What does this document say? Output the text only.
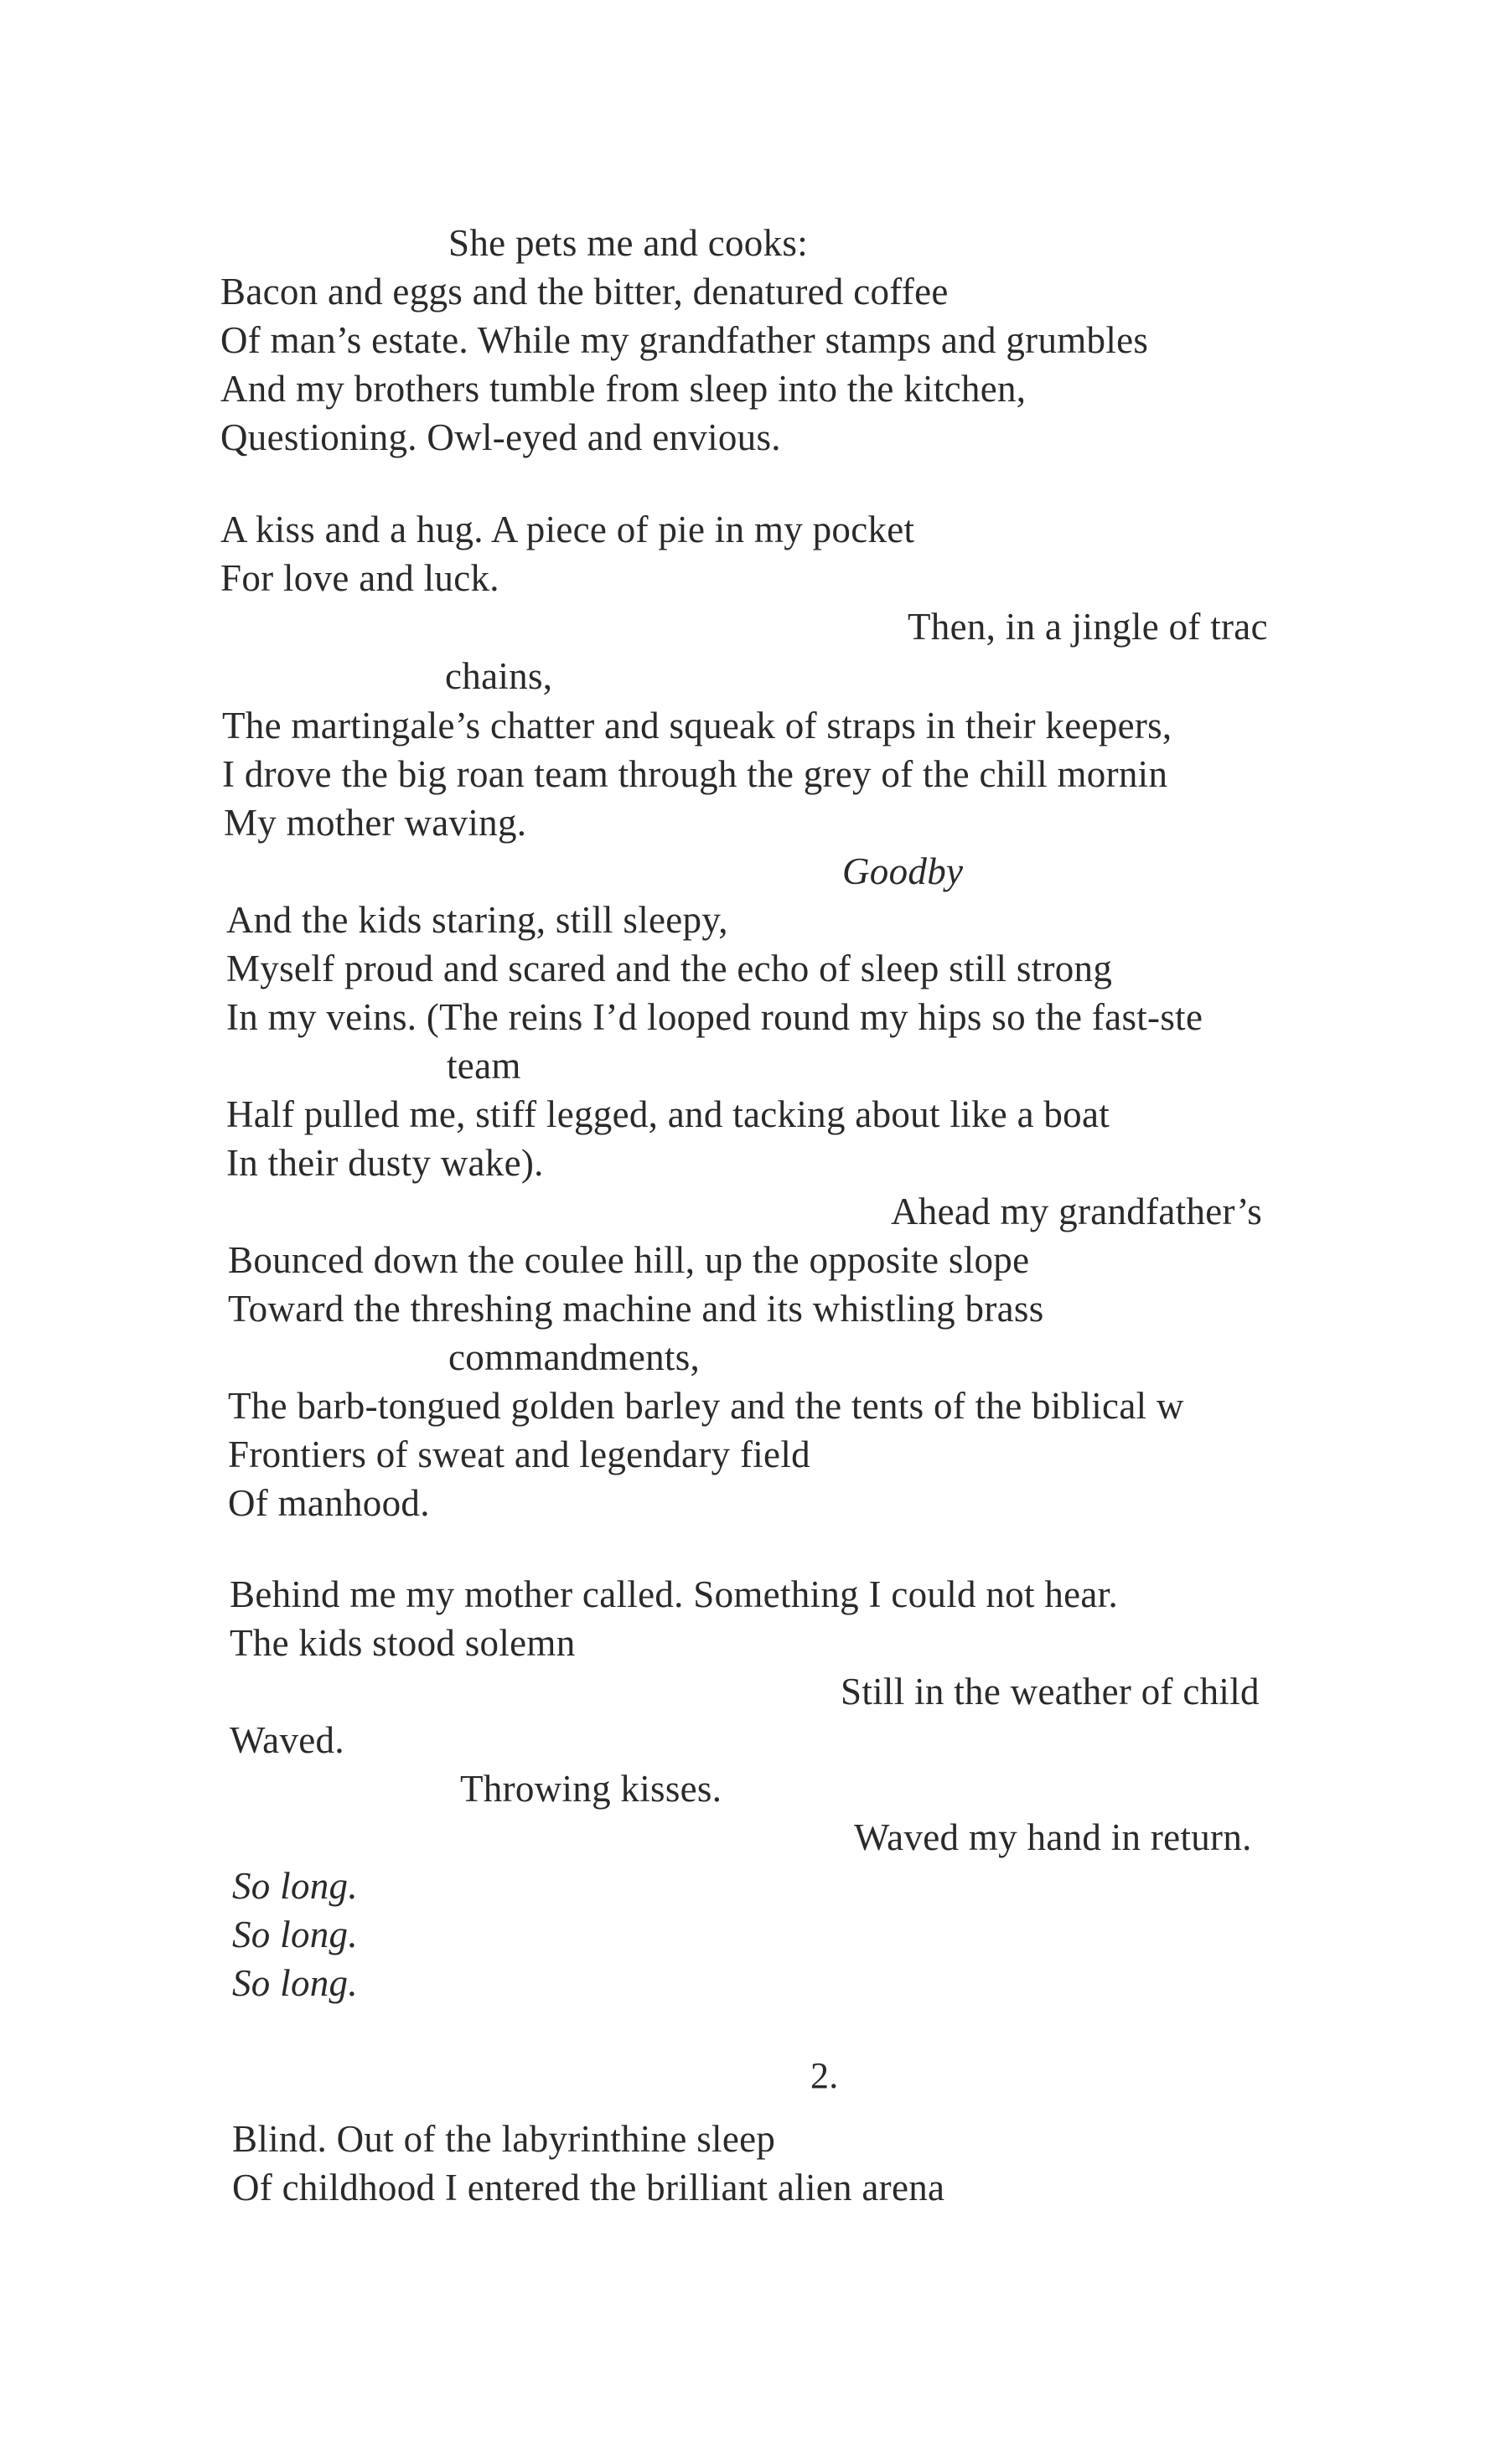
She pets me and cooks:
Bacon and eggs and the bitter, denatured coffee
Of man’s estate. While my grandfather stamps and grumbles
And my brothers tumble from sleep into the kitchen,
Questioning. Owl-eyed and envious.
A kiss and a hug. A piece of pie in my pocket
For love and luck.
Then, in a jingle of trac
chains,
The martingale’s chatter and squeak of straps in their keepers,
I drove the big roan team through the grey of the chill mornin
My mother waving.
Goodby
And the kids staring, still sleepy,
Myself proud and scared and the echo of sleep still strong
In my veins. (The reins I’d looped round my hips so the fast-ste
team
Half pulled me, stiff legged, and tacking about like a boat
In their dusty wake).
Ahead my grandfather’s
Bounced down the coulee hill, up the opposite slope
Toward the threshing machine and its whistling brass
commandments,
The barb-tongued golden barley and the tents of the biblical w
Frontiers of sweat and legendary field
Of manhood.
Behind me my mother called. Something I could not hear.
The kids stood solemn
Still in the weather of child
Waved.
Throwing kisses.
Waved my hand in return.
So long.
So long.
So long.
2.
Blind. Out of the labyrinthine sleep
Of childhood I entered the brilliant alien arena
